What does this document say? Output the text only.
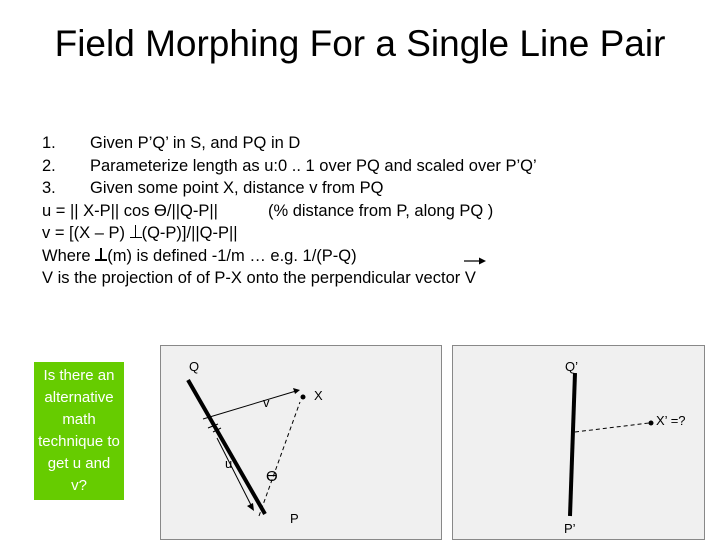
Field Morphing For a Single Line Pair
1. Given P’Q’ in S, and PQ in D
2. Parameterize length as u:0 .. 1 over PQ and scaled over P’Q’
3. Given some point X, distance v from PQ
u = || X-P|| cos Ө/||Q-P||	(% distance from P, along PQ )
v = [(X – P) (Q-P)]/||Q-P||
Where (m) is defined -1/m … e.g. 1/(P-Q)
V is the projection of of P-X onto the perpendicular vector V
Is there an alternative math technique to get u and v?
Q
P
X
v
u
Ө
Q’
P’
X’ =?
